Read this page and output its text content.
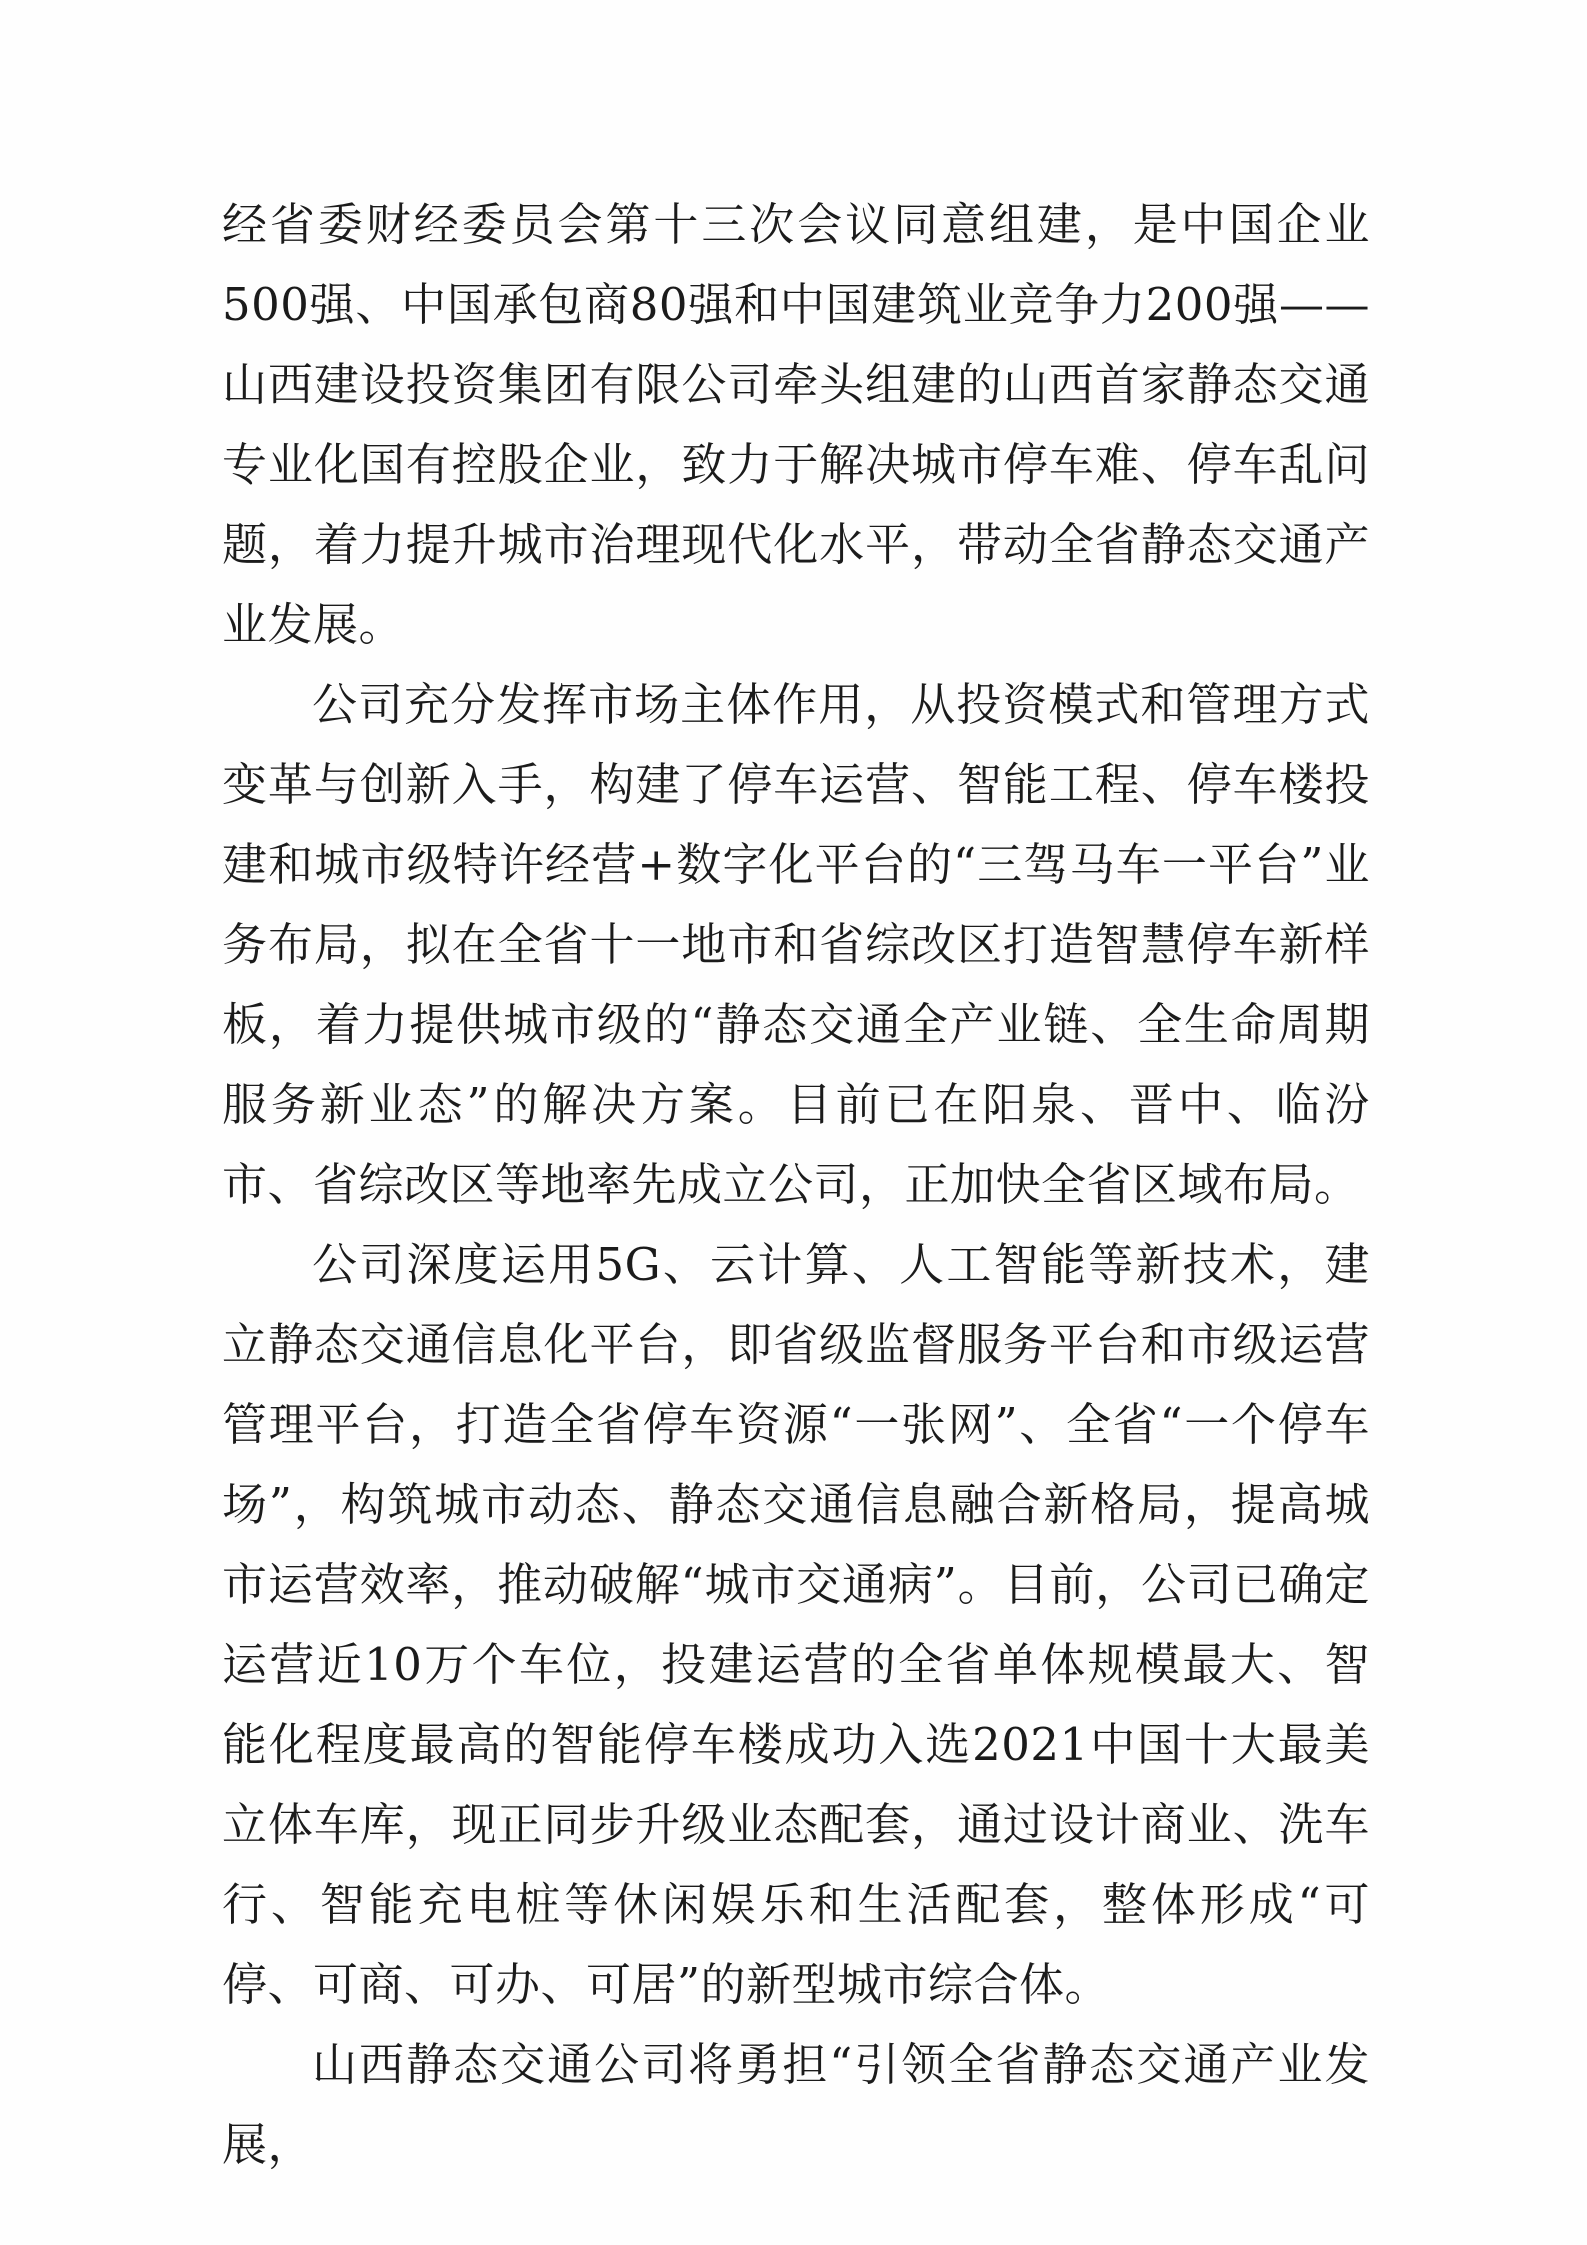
经省委财经委员会第十三次会议同意组建，是中国企业500强、中国承包商80强和中国建筑业竞争力200强——山西建设投资集团有限公司牵头组建的山西首家静态交通专业化国有控股企业，致力于解决城市停车难、停车乱问题，着力提升城市治理现代化水平，带动全省静态交通产业发展。

公司充分发挥市场主体作用，从投资模式和管理方式变革与创新入手，构建了停车运营、智能工程、停车楼投建和城市级特许经营+数字化平台的“三驾马车一平台”业务布局，拟在全省十一地市和省综改区打造智慧停车新样板，着力提供城市级的“静态交通全产业链、全生命周期服务新业态”的解决方案。目前已在阳泉、晋中、临汾市、省综改区等地率先成立公司，正加快全省区域布局。

公司深度运用5G、云计算、人工智能等新技术，建立静态交通信息化平台，即省级监督服务平台和市级运营管理平台，打造全省停车资源“一张网”、全省“一个停车场”，构筑城市动态、静态交通信息融合新格局，提高城市运营效率，推动破解“城市交通病”。目前，公司已确定运营近10万个车位，投建运营的全省单体规模最大、智能化程度最高的智能停车楼成功入选2021中国十大最美立体车库，现正同步升级业态配套，通过设计商业、洗车行、智能充电桩等休闲娱乐和生活配套，整体形成“可停、可商、可办、可居”的新型城市综合体。

山西静态交通公司将勇担“引领全省静态交通产业发展，
